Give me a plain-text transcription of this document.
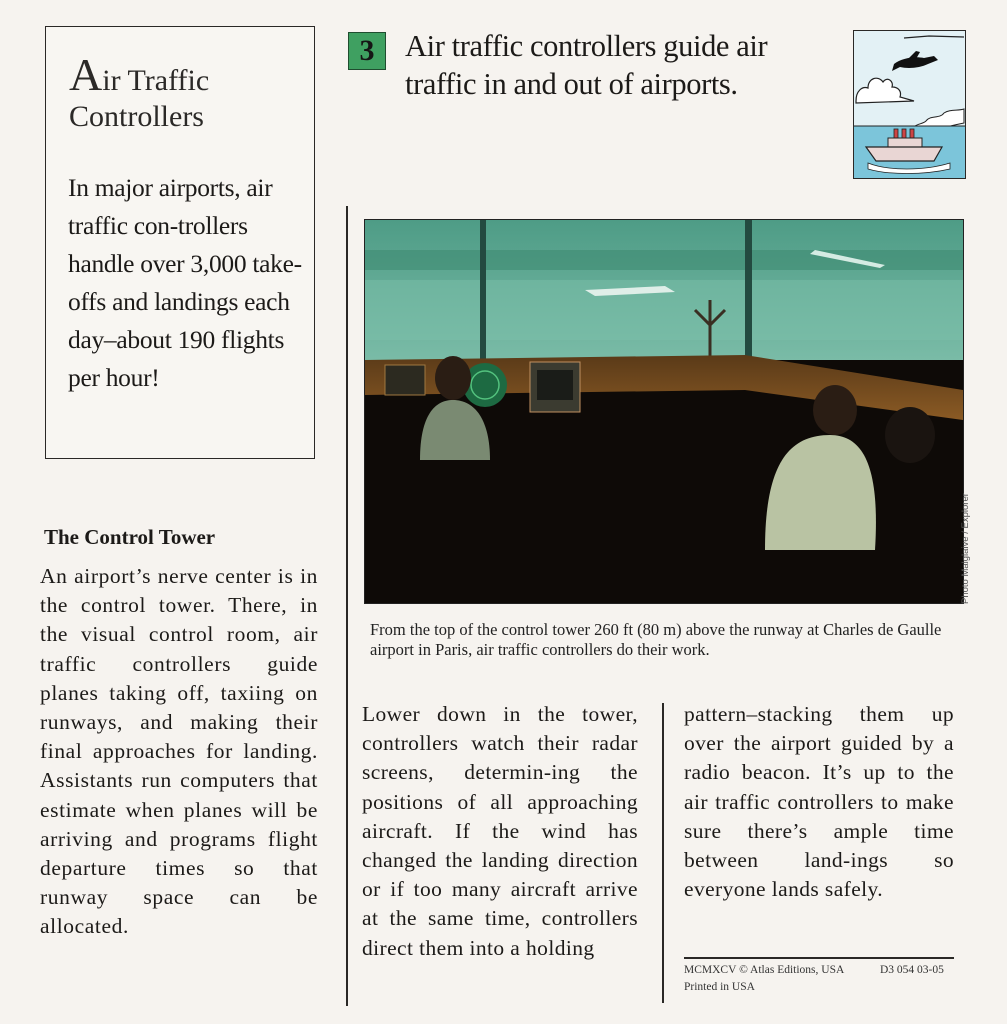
Air Traffic
Controllers
In major airports, air traffic con-trollers handle over 3,000 take-offs and landings each day–about 190 flights per hour!
The Control Tower
An airport’s nerve center is in the control tower. There, in the visual control room, air traffic controllers guide planes taking off, taxiing on runways, and making their final approaches for landing. Assistants run computers that estimate when planes will be arriving and programs flight departure times so that runway space can be allocated.
3	Air traffic controllers guide air traffic in and out of airports.
Photo Malglaive / Explorer
From the top of the control tower 260 ft (80 m) above the runway at Charles de Gaulle airport in Paris, air traffic controllers do their work.
Lower down in the tower, controllers watch their radar screens, determin-ing the positions of all approaching aircraft. If the wind has changed the landing direction or if too many aircraft arrive at the same time, controllers direct them into a holding
pattern–stacking them up over the airport guided by a radio beacon. It’s up to the air traffic controllers to make sure there’s ample time between land-ings so everyone lands safely.
MCMXCV © Atlas Editions, USA
Printed in USA
D3 054 03-05
